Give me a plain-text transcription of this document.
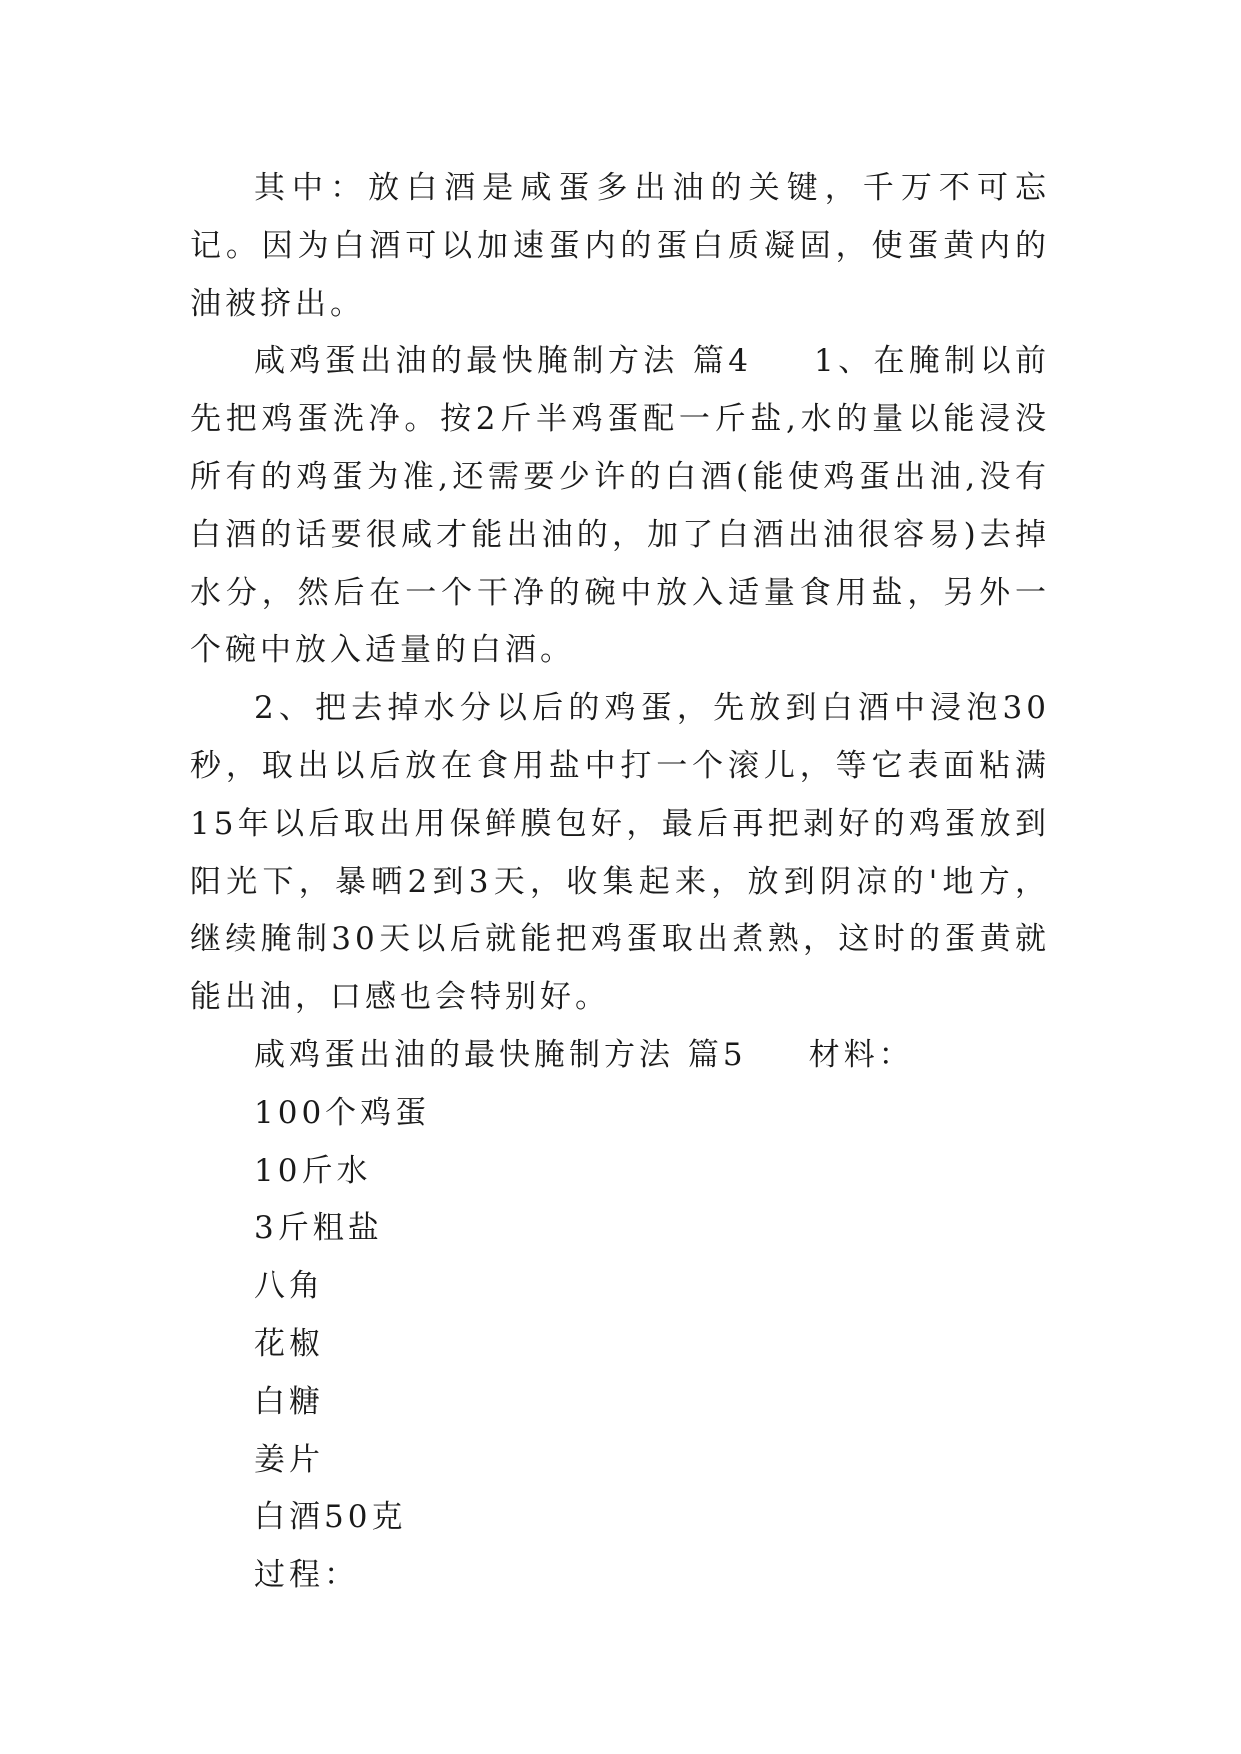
其中：放白酒是咸蛋多出油的关键，千万不可忘记。因为白酒可以加速蛋内的蛋白质凝固，使蛋黄内的油被挤出。

咸鸡蛋出油的最快腌制方法 篇4 1、在腌制以前先把鸡蛋洗净。按2斤半鸡蛋配一斤盐,水的量以能浸没所有的鸡蛋为准,还需要少许的白酒(能使鸡蛋出油,没有白酒的话要很咸才能出油的，加了白酒出油很容易)去掉水分，然后在一个干净的碗中放入适量食用盐，另外一个碗中放入适量的白酒。

2、把去掉水分以后的鸡蛋，先放到白酒中浸泡30秒，取出以后放在食用盐中打一个滚儿，等它表面粘满15年以后取出用保鲜膜包好，最后再把剥好的鸡蛋放到阳光下，暴晒2到3天，收集起来，放到阴凉的'地方，继续腌制30天以后就能把鸡蛋取出煮熟，这时的蛋黄就能出油，口感也会特别好。

咸鸡蛋出油的最快腌制方法 篇5 材料：

100个鸡蛋

10斤水

3斤粗盐

八角

花椒

白糖

姜片

白酒50克

过程：
